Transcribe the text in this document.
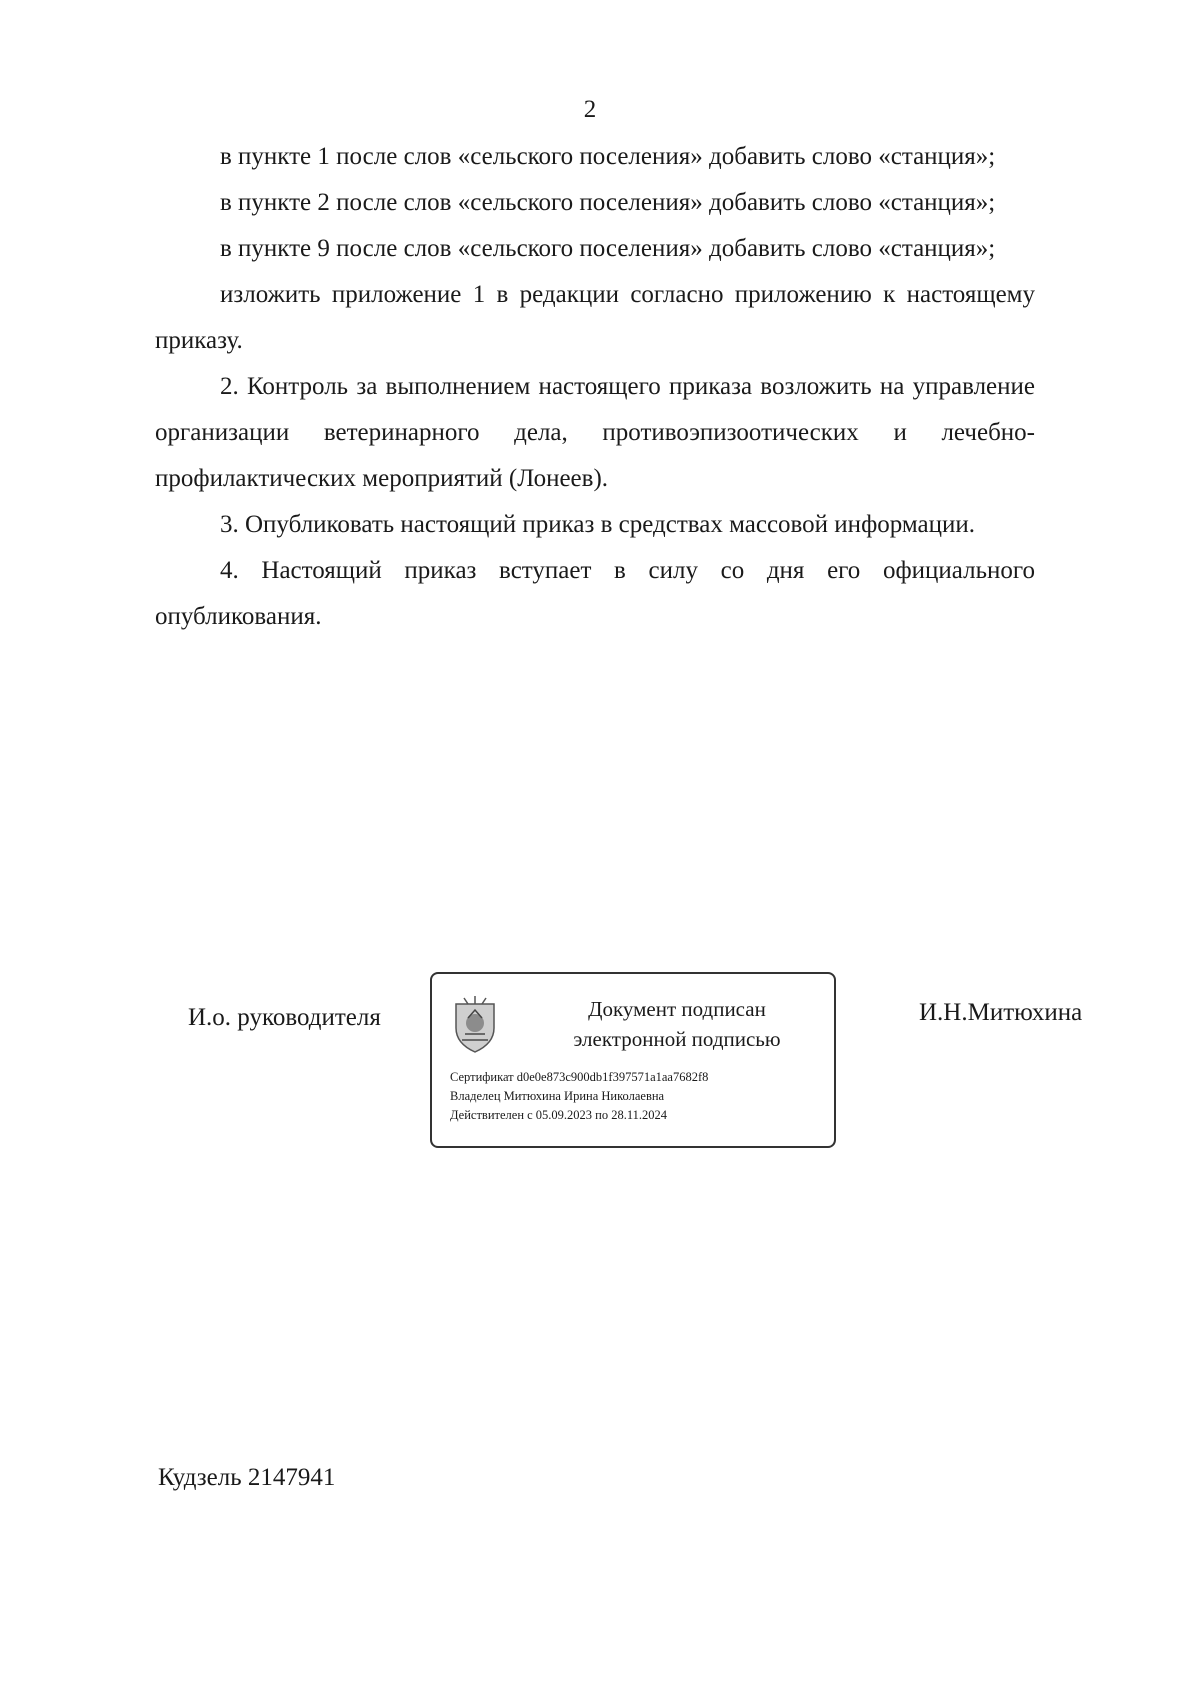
2

в пункте 1 после слов «сельского поселения» добавить слово «станция»;

в пункте 2 после слов «сельского поселения» добавить слово «станция»;

в пункте 9 после слов «сельского поселения» добавить слово «станция»;

изложить приложение 1 в редакции согласно приложению к настоящему приказу.

2. Контроль за выполнением настоящего приказа возложить на управление организации ветеринарного дела, противоэпизоотических и лечебно-профилактических мероприятий (Лонеев).

3. Опубликовать настоящий приказ в средствах массовой информации.

4. Настоящий приказ вступает в силу со дня его официального опубликования.

И.о. руководителя	Документ подписан
электронной подписью
Сертификат d0e0e873c900db1f397571a1aa7682f8
Владелец Митюхина Ирина Николаевна
Действителен с 05.09.2023 по 28.11.2024
И.Н.Митюхина
Кудзель 2147941
